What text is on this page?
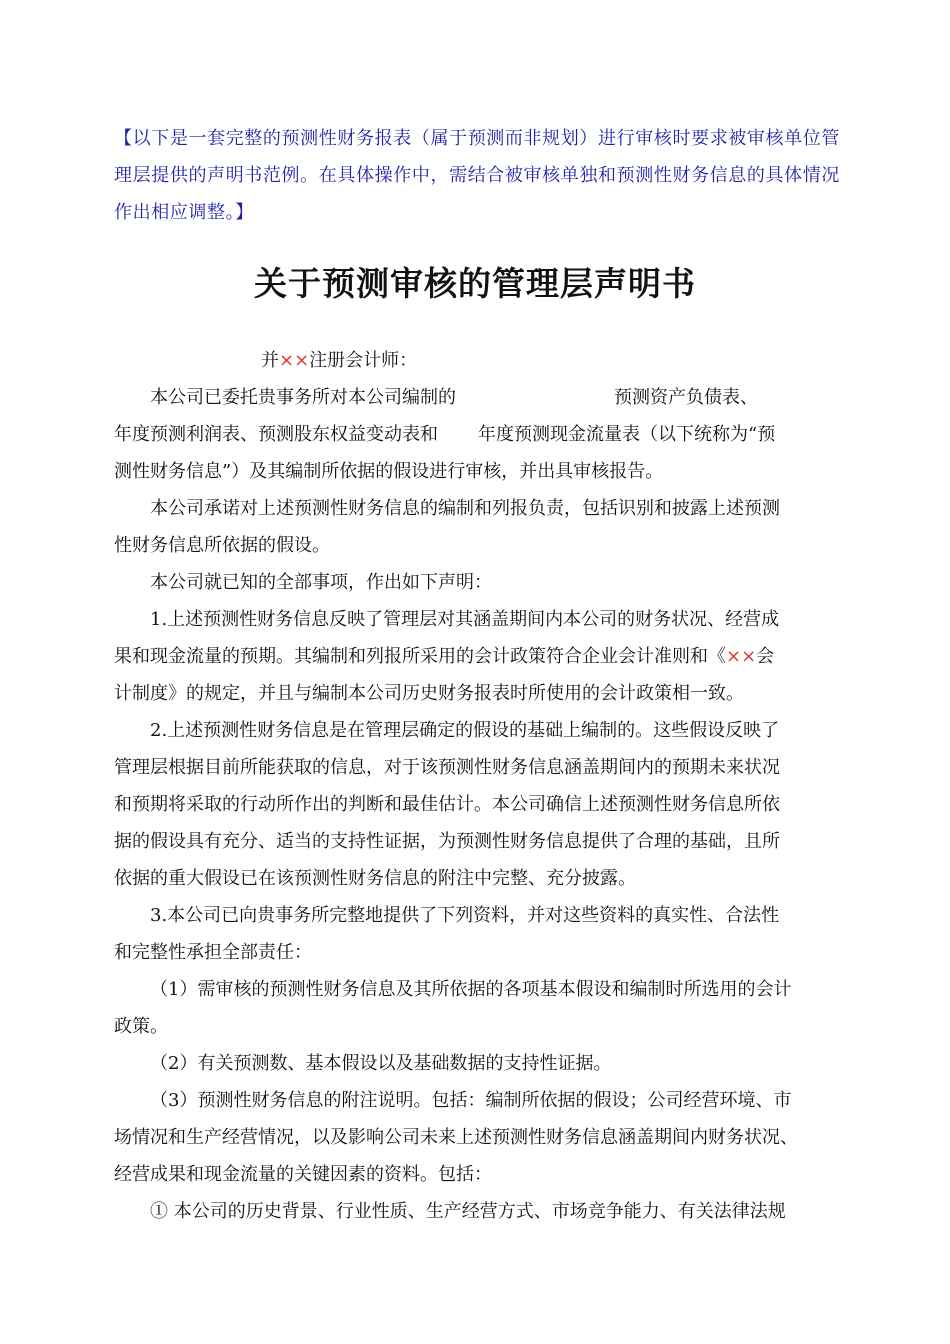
【以下是一套完整的预测性财务报表（属于预测而非规划）进行审核时要求被审核单位管理层提供的声明书范例。在具体操作中，需结合被审核单独和预测性财务信息的具体情况作出相应调整。】
关于预测审核的管理层声明书
并××注册会计师：
本公司已委托贵事务所对本公司编制的	预测资产负债表、
年度预测利润表、预测股东权益变动表和 年度预测现金流量表（以下统称为“预
测性财务信息”）及其编制所依据的假设进行审核，并出具审核报告。
本公司承诺对上述预测性财务信息的编制和列报负责，包括识别和披露上述预测
性财务信息所依据的假设。
本公司就已知的全部事项，作出如下声明：
1.上述预测性财务信息反映了管理层对其涵盖期间内本公司的财务状况、经营成
果和现金流量的预期。其编制和列报所采用的会计政策符合企业会计准则和《××会
计制度》的规定，并且与编制本公司历史财务报表时所使用的会计政策相一致。
2.上述预测性财务信息是在管理层确定的假设的基础上编制的。这些假设反映了
管理层根据目前所能获取的信息，对于该预测性财务信息涵盖期间内的预期未来状况
和预期将采取的行动所作出的判断和最佳估计。本公司确信上述预测性财务信息所依
据的假设具有充分、适当的支持性证据，为预测性财务信息提供了合理的基础，且所
依据的重大假设已在该预测性财务信息的附注中完整、充分披露。
3.本公司已向贵事务所完整地提供了下列资料，并对这些资料的真实性、合法性
和完整性承担全部责任：
（1）需审核的预测性财务信息及其所依据的各项基本假设和编制时所选用的会计
政策。
（2）有关预测数、基本假设以及基础数据的支持性证据。
（3）预测性财务信息的附注说明。包括：编制所依据的假设；公司经营环境、市
场情况和生产经营情况，以及影响公司未来上述预测性财务信息涵盖期间内财务状况、
经营成果和现金流量的关键因素的资料。包括：
① 本公司的历史背景、行业性质、生产经营方式、市场竞争能力、有关法律法规
